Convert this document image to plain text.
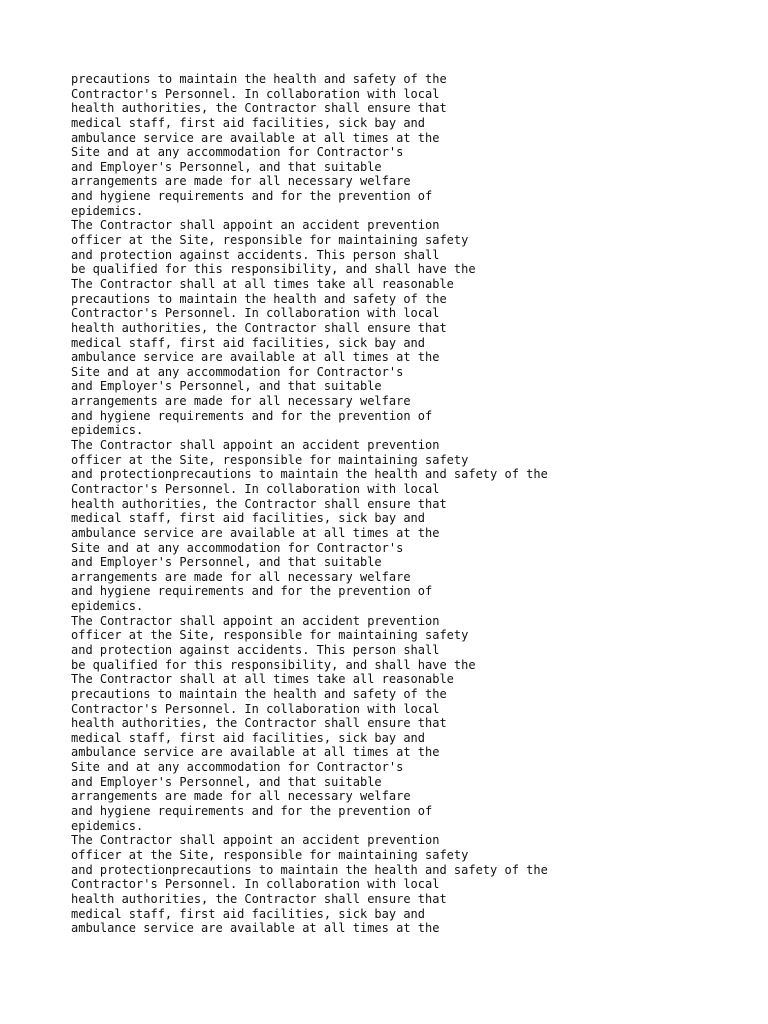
precautions to maintain the health and safety of the
Contractor's Personnel. In collaboration with local
health authorities, the Contractor shall ensure that
medical staff, first aid facilities, sick bay and
ambulance service are available at all times at the
Site and at any accommodation for Contractor's
and Employer's Personnel, and that suitable
arrangements are made for all necessary welfare
and hygiene requirements and for the prevention of
epidemics.
The Contractor shall appoint an accident prevention
officer at the Site, responsible for maintaining safety
and protection against accidents. This person shall
be qualified for this responsibility, and shall have the
The Contractor shall at all times take all reasonable
precautions to maintain the health and safety of the
Contractor's Personnel. In collaboration with local
health authorities, the Contractor shall ensure that
medical staff, first aid facilities, sick bay and
ambulance service are available at all times at the
Site and at any accommodation for Contractor's
and Employer's Personnel, and that suitable
arrangements are made for all necessary welfare
and hygiene requirements and for the prevention of
epidemics.
The Contractor shall appoint an accident prevention
officer at the Site, responsible for maintaining safety
and protectionprecautions to maintain the health and safety of the
Contractor's Personnel. In collaboration with local
health authorities, the Contractor shall ensure that
medical staff, first aid facilities, sick bay and
ambulance service are available at all times at the
Site and at any accommodation for Contractor's
and Employer's Personnel, and that suitable
arrangements are made for all necessary welfare
and hygiene requirements and for the prevention of
epidemics.
The Contractor shall appoint an accident prevention
officer at the Site, responsible for maintaining safety
and protection against accidents. This person shall
be qualified for this responsibility, and shall have the
The Contractor shall at all times take all reasonable
precautions to maintain the health and safety of the
Contractor's Personnel. In collaboration with local
health authorities, the Contractor shall ensure that
medical staff, first aid facilities, sick bay and
ambulance service are available at all times at the
Site and at any accommodation for Contractor's
and Employer's Personnel, and that suitable
arrangements are made for all necessary welfare
and hygiene requirements and for the prevention of
epidemics.
The Contractor shall appoint an accident prevention
officer at the Site, responsible for maintaining safety
and protectionprecautions to maintain the health and safety of the
Contractor's Personnel. In collaboration with local
health authorities, the Contractor shall ensure that
medical staff, first aid facilities, sick bay and
ambulance service are available at all times at the
